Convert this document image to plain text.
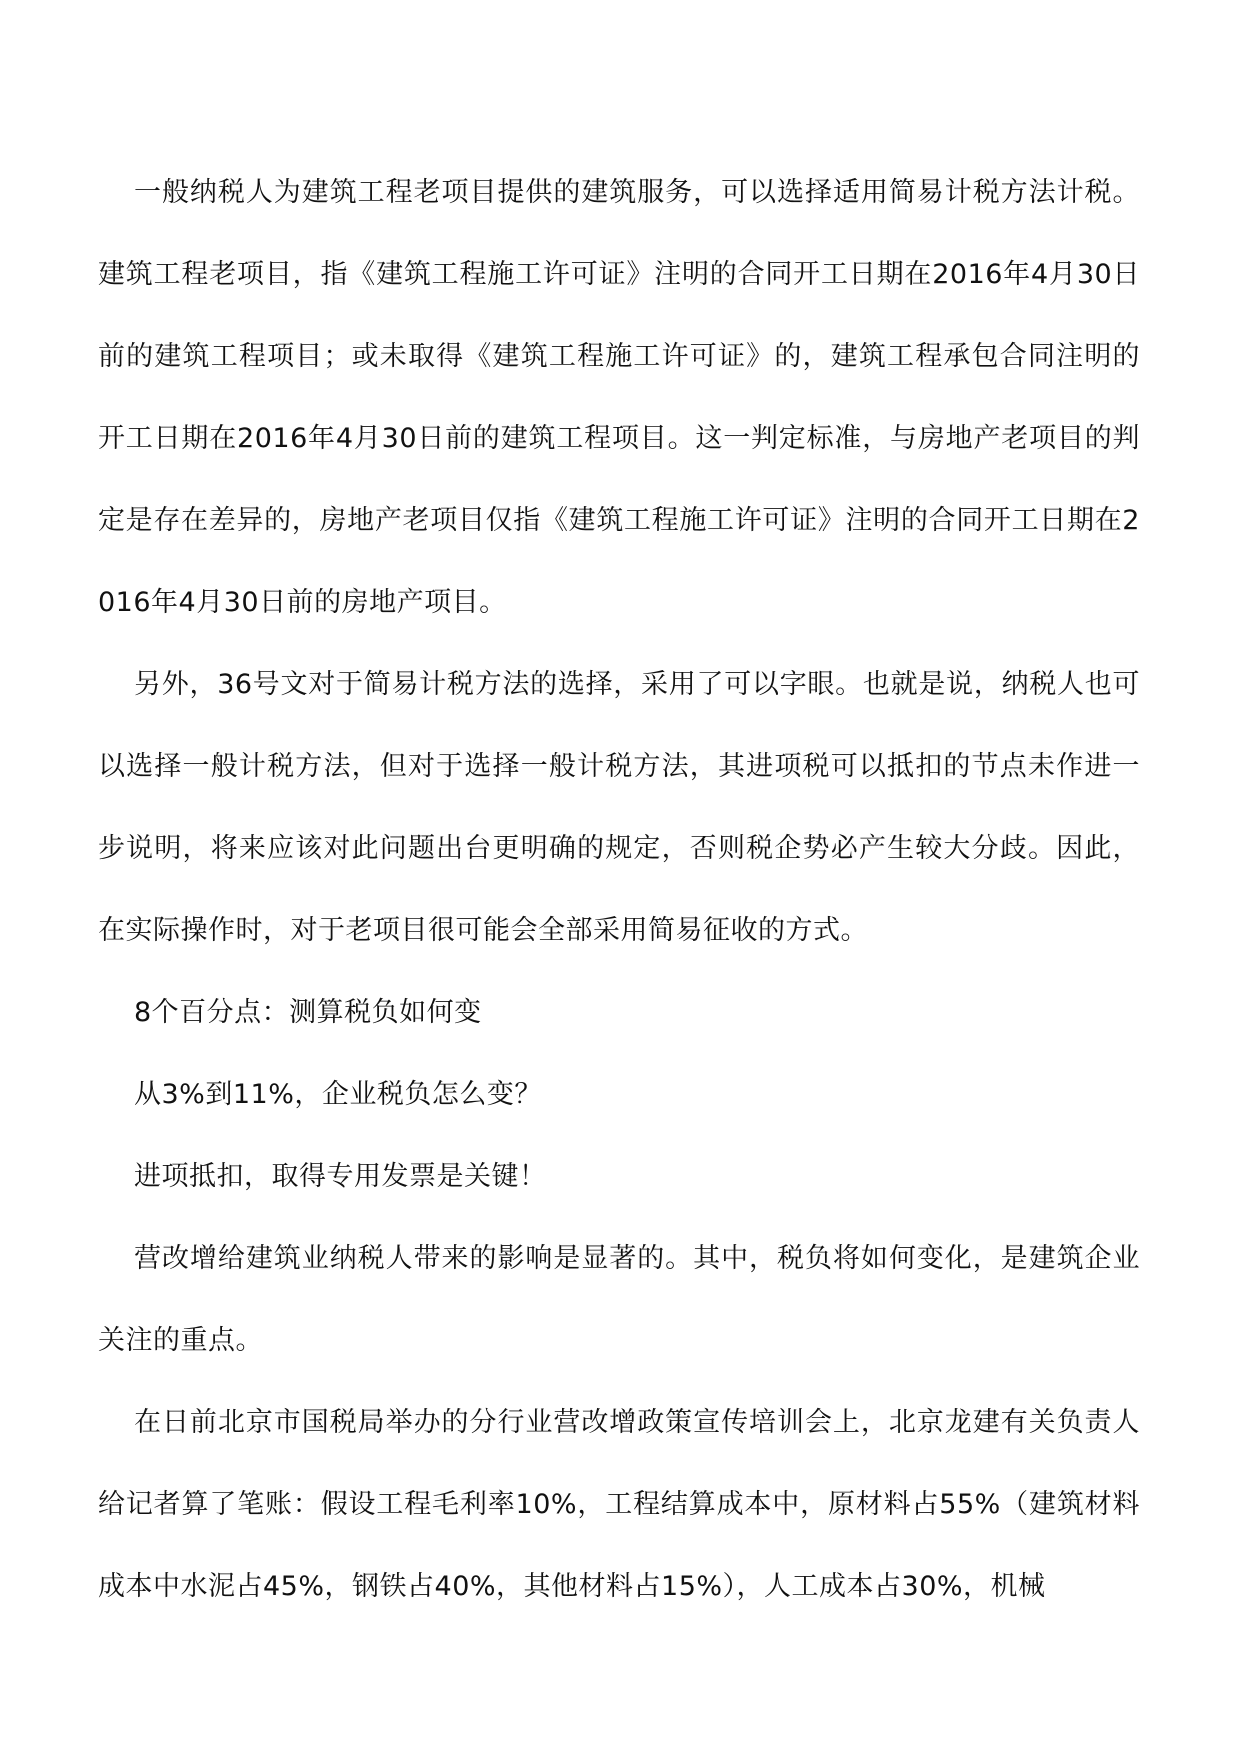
一般纳税人为建筑工程老项目提供的建筑服务，可以选择适用简易计税方法计税。建筑工程老项目，指《建筑工程施工许可证》注明的合同开工日期在2016年4月30日前的建筑工程项目；或未取得《建筑工程施工许可证》的，建筑工程承包合同注明的开工日期在2016年4月30日前的建筑工程项目。这一判定标准，与房地产老项目的判定是存在差异的，房地产老项目仅指《建筑工程施工许可证》注明的合同开工日期在2016年4月30日前的房地产项目。

另外，36号文对于简易计税方法的选择，采用了可以字眼。也就是说，纳税人也可以选择一般计税方法，但对于选择一般计税方法，其进项税可以抵扣的节点未作进一步说明，将来应该对此问题出台更明确的规定，否则税企势必产生较大分歧。因此，在实际操作时，对于老项目很可能会全部采用简易征收的方式。

8个百分点：测算税负如何变

从3%到11%，企业税负怎么变？

进项抵扣，取得专用发票是关键！

营改增给建筑业纳税人带来的影响是显著的。其中，税负将如何变化，是建筑企业关注的重点。

在日前北京市国税局举办的分行业营改增政策宣传培训会上，北京龙建有关负责人给记者算了笔账：假设工程毛利率10%，工程结算成本中，原材料占55%（建筑材料成本中水泥占45%，钢铁占40%，其他材料占15%），人工成本占30%，机械
